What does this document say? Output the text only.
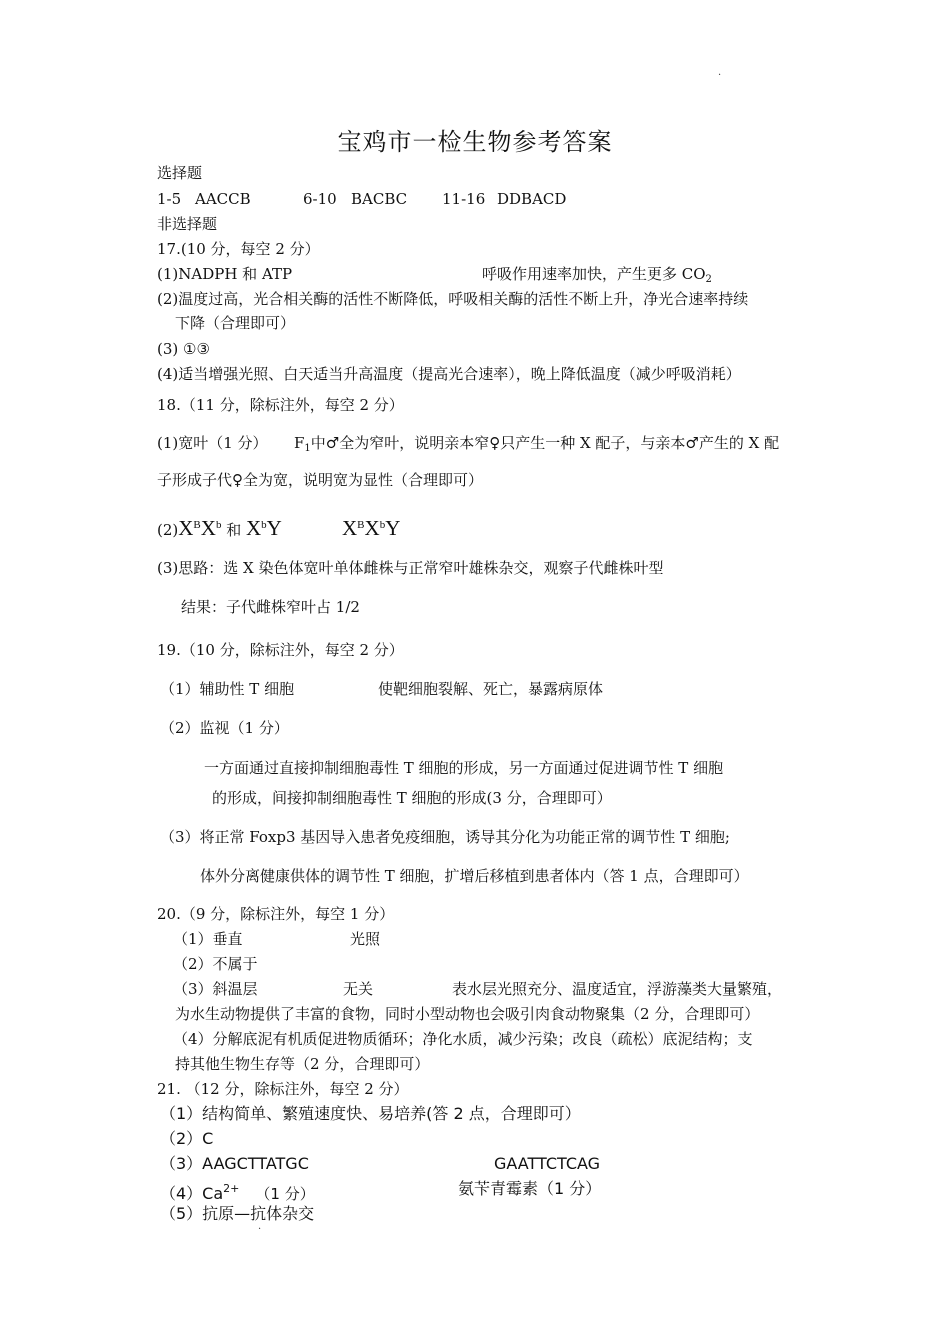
·
宝鸡市一检生物参考答案
选择题
1-5 AACCB	6-10 BACBC 11-16 DDBACD
非选择题
17.(10 分，每空 2 分）
(1)NADPH 和 ATP	呼吸作用速率加快，产生更多 $CO_2$
(2)温度过高，光合相关酶的活性不断降低，呼吸相关酶的活性不断上升，净光合速率持续
下降（合理即可）
(3) ①③
(4)适当增强光照、白天适当升高温度（提高光合速率），晚上降低温度（减少呼吸消耗）
18.（11 分，除标注外，每空 2 分）
(1)宽叶（1 分） $F_1$中♂全为窄叶，说明亲本窄♀只产生一种 X 配子，与亲本♂产生的 X 配
子形成子代♀全为宽，说明宽为显性（合理即可）
$(2)X^BX^b$ 和 $X^bY$	$X^BX^bY$
(3)思路：选 X 染色体宽叶单体雌株与正常窄叶雄株杂交，观察子代雌株叶型
结果：子代雌株窄叶占 1/2
19.（10 分，除标注外，每空 2 分）
（1）辅助性 T 细胞	使靶细胞裂解、死亡，暴露病原体
（2）监视（1 分）
一方面通过直接抑制细胞毒性 T 细胞的形成，另一方面通过促进调节性 T 细胞
的形成，间接抑制细胞毒性 T 细胞的形成(3 分，合理即可）
（3）将正常 Foxp3 基因导入患者免疫细胞，诱导其分化为功能正常的调节性 T 细胞;
体外分离健康供体的调节性 T 细胞，扩增后移植到患者体内（答 1 点，合理即可）
20.（9 分，除标注外，每空 1 分）
（1）垂直	光照
（2）不属于
（3）斜温层	无关	表水层光照充分、温度适宜，浮游藻类大量繁殖，
为水生动物提供了丰富的食物，同时小型动物也会吸引肉食动物聚集（2 分，合理即可）
（4）分解底泥有机质促进物质循环；净化水质，减少污染；改良（疏松）底泥结构；支
持其他生物生存等（2 分，合理即可）
21. （12 分，除标注外，每空 2 分）
（1）结构简单、繁殖速度快、易培养(答 2 点，合理即可）
（2）C
（3）AAGCTTATGC	GAATTCTCAG
$(4)Ca^{2+}$ （1 分）	氨苄青霉素（1 分）
（5）抗原—抗体杂交
·
